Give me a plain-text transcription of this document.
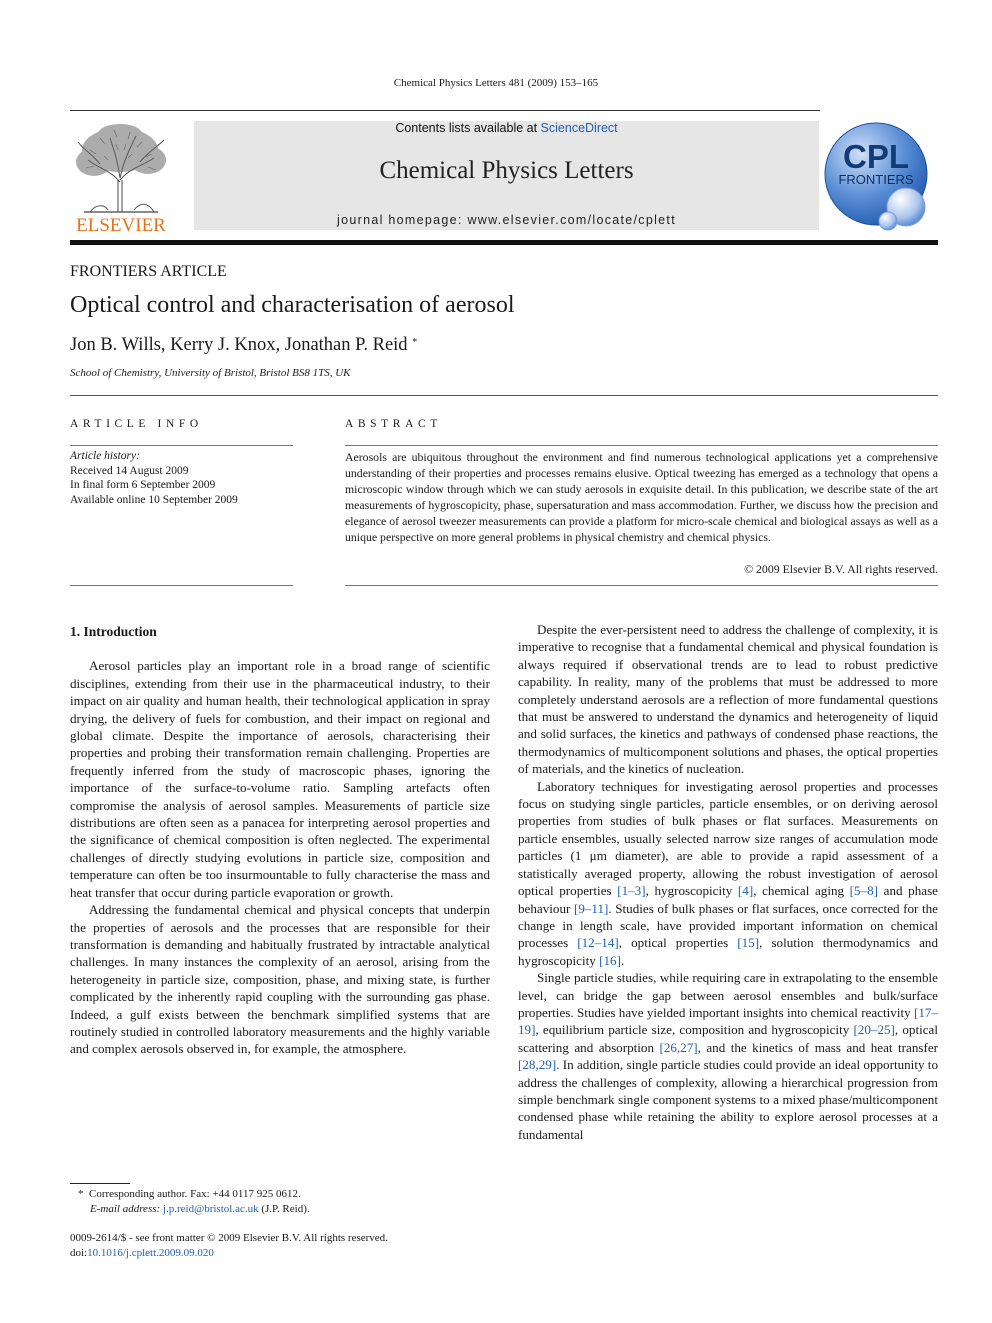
Chemical Physics Letters 481 (2009) 153–165
ELSEVIER
Contents lists available at ScienceDirect
Chemical Physics Letters
journal homepage: www.elsevier.com/locate/cplett
CPL
FRONTIERS
FRONTIERS ARTICLE
Optical control and characterisation of aerosol
Jon B. Wills, Kerry J. Knox, Jonathan P. Reid *
School of Chemistry, University of Bristol, Bristol BS8 1TS, UK
ARTICLE INFO	ABSTRACT
Article history:
Received 14 August 2009
In final form 6 September 2009
Available online 10 September 2009
Aerosols are ubiquitous throughout the environment and find numerous technological applications yet a comprehensive understanding of their properties and processes remains elusive. Optical tweezing has emerged as a technology that opens a microscopic window through which we can study aerosols in exquisite detail. In this publication, we describe state of the art measurements of hygroscopicity, phase, supersaturation and mass accommodation. Further, we discuss how the precision and elegance of aerosol tweezer measurements can provide a platform for micro-scale chemical and biological assays as well as a unique perspective on more general problems in physical chemistry and chemical physics.
© 2009 Elsevier B.V. All rights reserved.
1. Introduction

Aerosol particles play an important role in a broad range of scientific disciplines, extending from their use in the pharmaceutical industry, to their impact on air quality and human health, their technological application in spray drying, the delivery of fuels for combustion, and their impact on regional and global climate. Despite the importance of aerosols, characterising their properties and probing their transformation remain challenging. Properties are frequently inferred from the study of macroscopic phases, ignoring the importance of the surface-to-volume ratio. Sampling artefacts often compromise the analysis of aerosol samples. Measurements of particle size distributions are often seen as a panacea for interpreting aerosol properties and the significance of chemical composition is often neglected. The experimental challenges of directly studying evolutions in particle size, composition and temperature can often be too insurmountable to fully characterise the mass and heat transfer that occur during particle evaporation or growth.

Addressing the fundamental chemical and physical concepts that underpin the properties of aerosols and the processes that are responsible for their transformation is demanding and habitually frustrated by intractable analytical challenges. In many instances the complexity of an aerosol, arising from the heterogeneity in particle size, composition, phase, and mixing state, is further complicated by the inherently rapid coupling with the surrounding gas phase. Indeed, a gulf exists between the benchmark simplified systems that are routinely studied in controlled laboratory measurements and the highly variable and complex aerosols observed in, for example, the atmosphere.

Despite the ever-persistent need to address the challenge of complexity, it is imperative to recognise that a fundamental chemical and physical foundation is always required if observational trends are to lead to robust predictive capability. In reality, many of the problems that must be addressed to more completely understand aerosols are a reflection of more fundamental questions that must be answered to understand the dynamics and heterogeneity of liquid and solid surfaces, the kinetics and pathways of condensed phase reactions, the thermodynamics of multicomponent solutions and phases, the optical properties of materials, and the kinetics of nucleation.

Laboratory techniques for investigating aerosol properties and processes focus on studying single particles, particle ensembles, or on deriving aerosol properties from studies of bulk phases or flat surfaces. Measurements on particle ensembles, usually selected narrow size ranges of accumulation mode particles (1 μm diameter), are able to provide a rapid assessment of a statistically averaged property, allowing the robust investigation of aerosol optical properties [1–3], hygroscopicity [4], chemical aging [5–8] and phase behaviour [9–11]. Studies of bulk phases or flat surfaces, once corrected for the change in length scale, have provided important information on chemical processes [12–14], optical properties [15], solution thermodynamics and hygroscopicity [16].

Single particle studies, while requiring care in extrapolating to the ensemble level, can bridge the gap between aerosol ensembles and bulk/surface properties. Studies have yielded important insights into chemical reactivity [17–19], equilibrium particle size, composition and hygroscopicity [20–25], optical scattering and absorption [26,27], and the kinetics of mass and heat transfer [28,29]. In addition, single particle studies could provide an ideal opportunity to address the challenges of complexity, allowing a hierarchical progression from simple benchmark single component systems to a mixed phase/multicomponent condensed phase while retaining the ability to explore aerosol processes at a fundamental

* Corresponding author. Fax: +44 0117 925 0612.
E-mail address: j.p.reid@bristol.ac.uk (J.P. Reid).
0009-2614/$ - see front matter © 2009 Elsevier B.V. All rights reserved.
doi:10.1016/j.cplett.2009.09.020
